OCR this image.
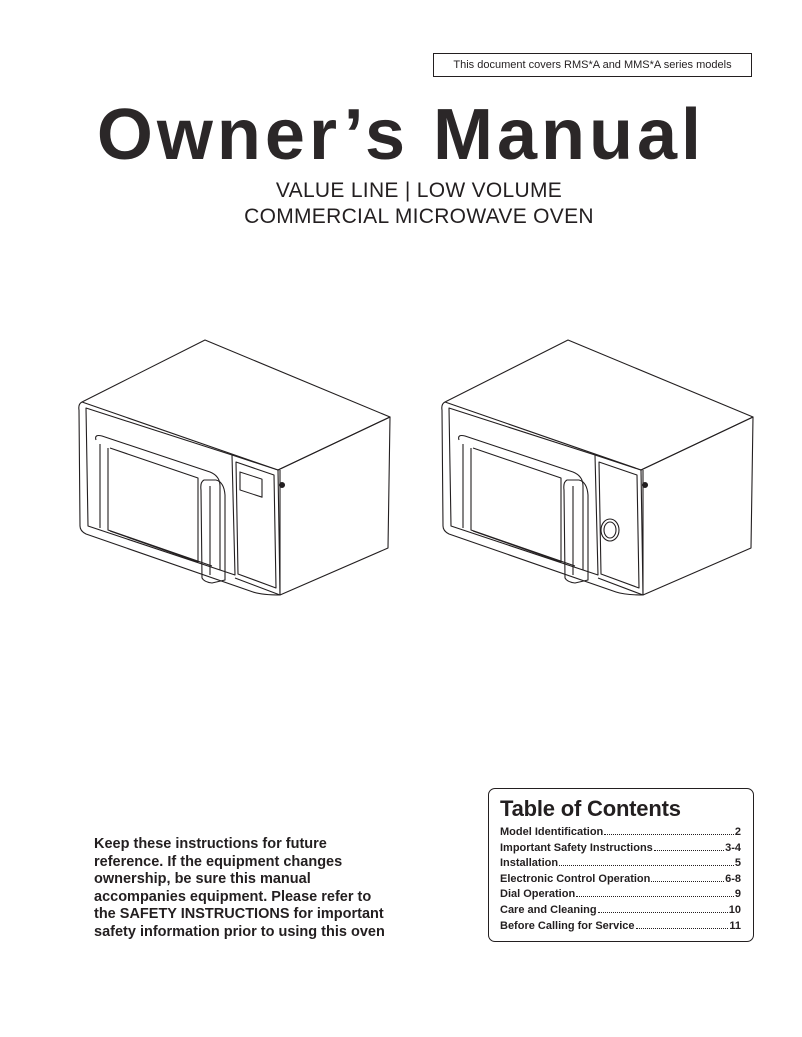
This document covers RMS*A and MMS*A series models
Owner’s Manual
VALUE LINE | LOW VOLUME
COMMERCIAL MICROWAVE OVEN
Keep these instructions for future
reference. If the equipment changes
ownership, be sure this manual
accompanies equipment. Please refer to
the SAFETY INSTRUCTIONS for important
safety information prior to using this oven
Table of Contents
Model Identification	2
Important Safety Instructions	3-4
Installation	5
Electronic Control Operation	6-8
Dial Operation	9
Care and Cleaning	10
Before Calling for Service	11
